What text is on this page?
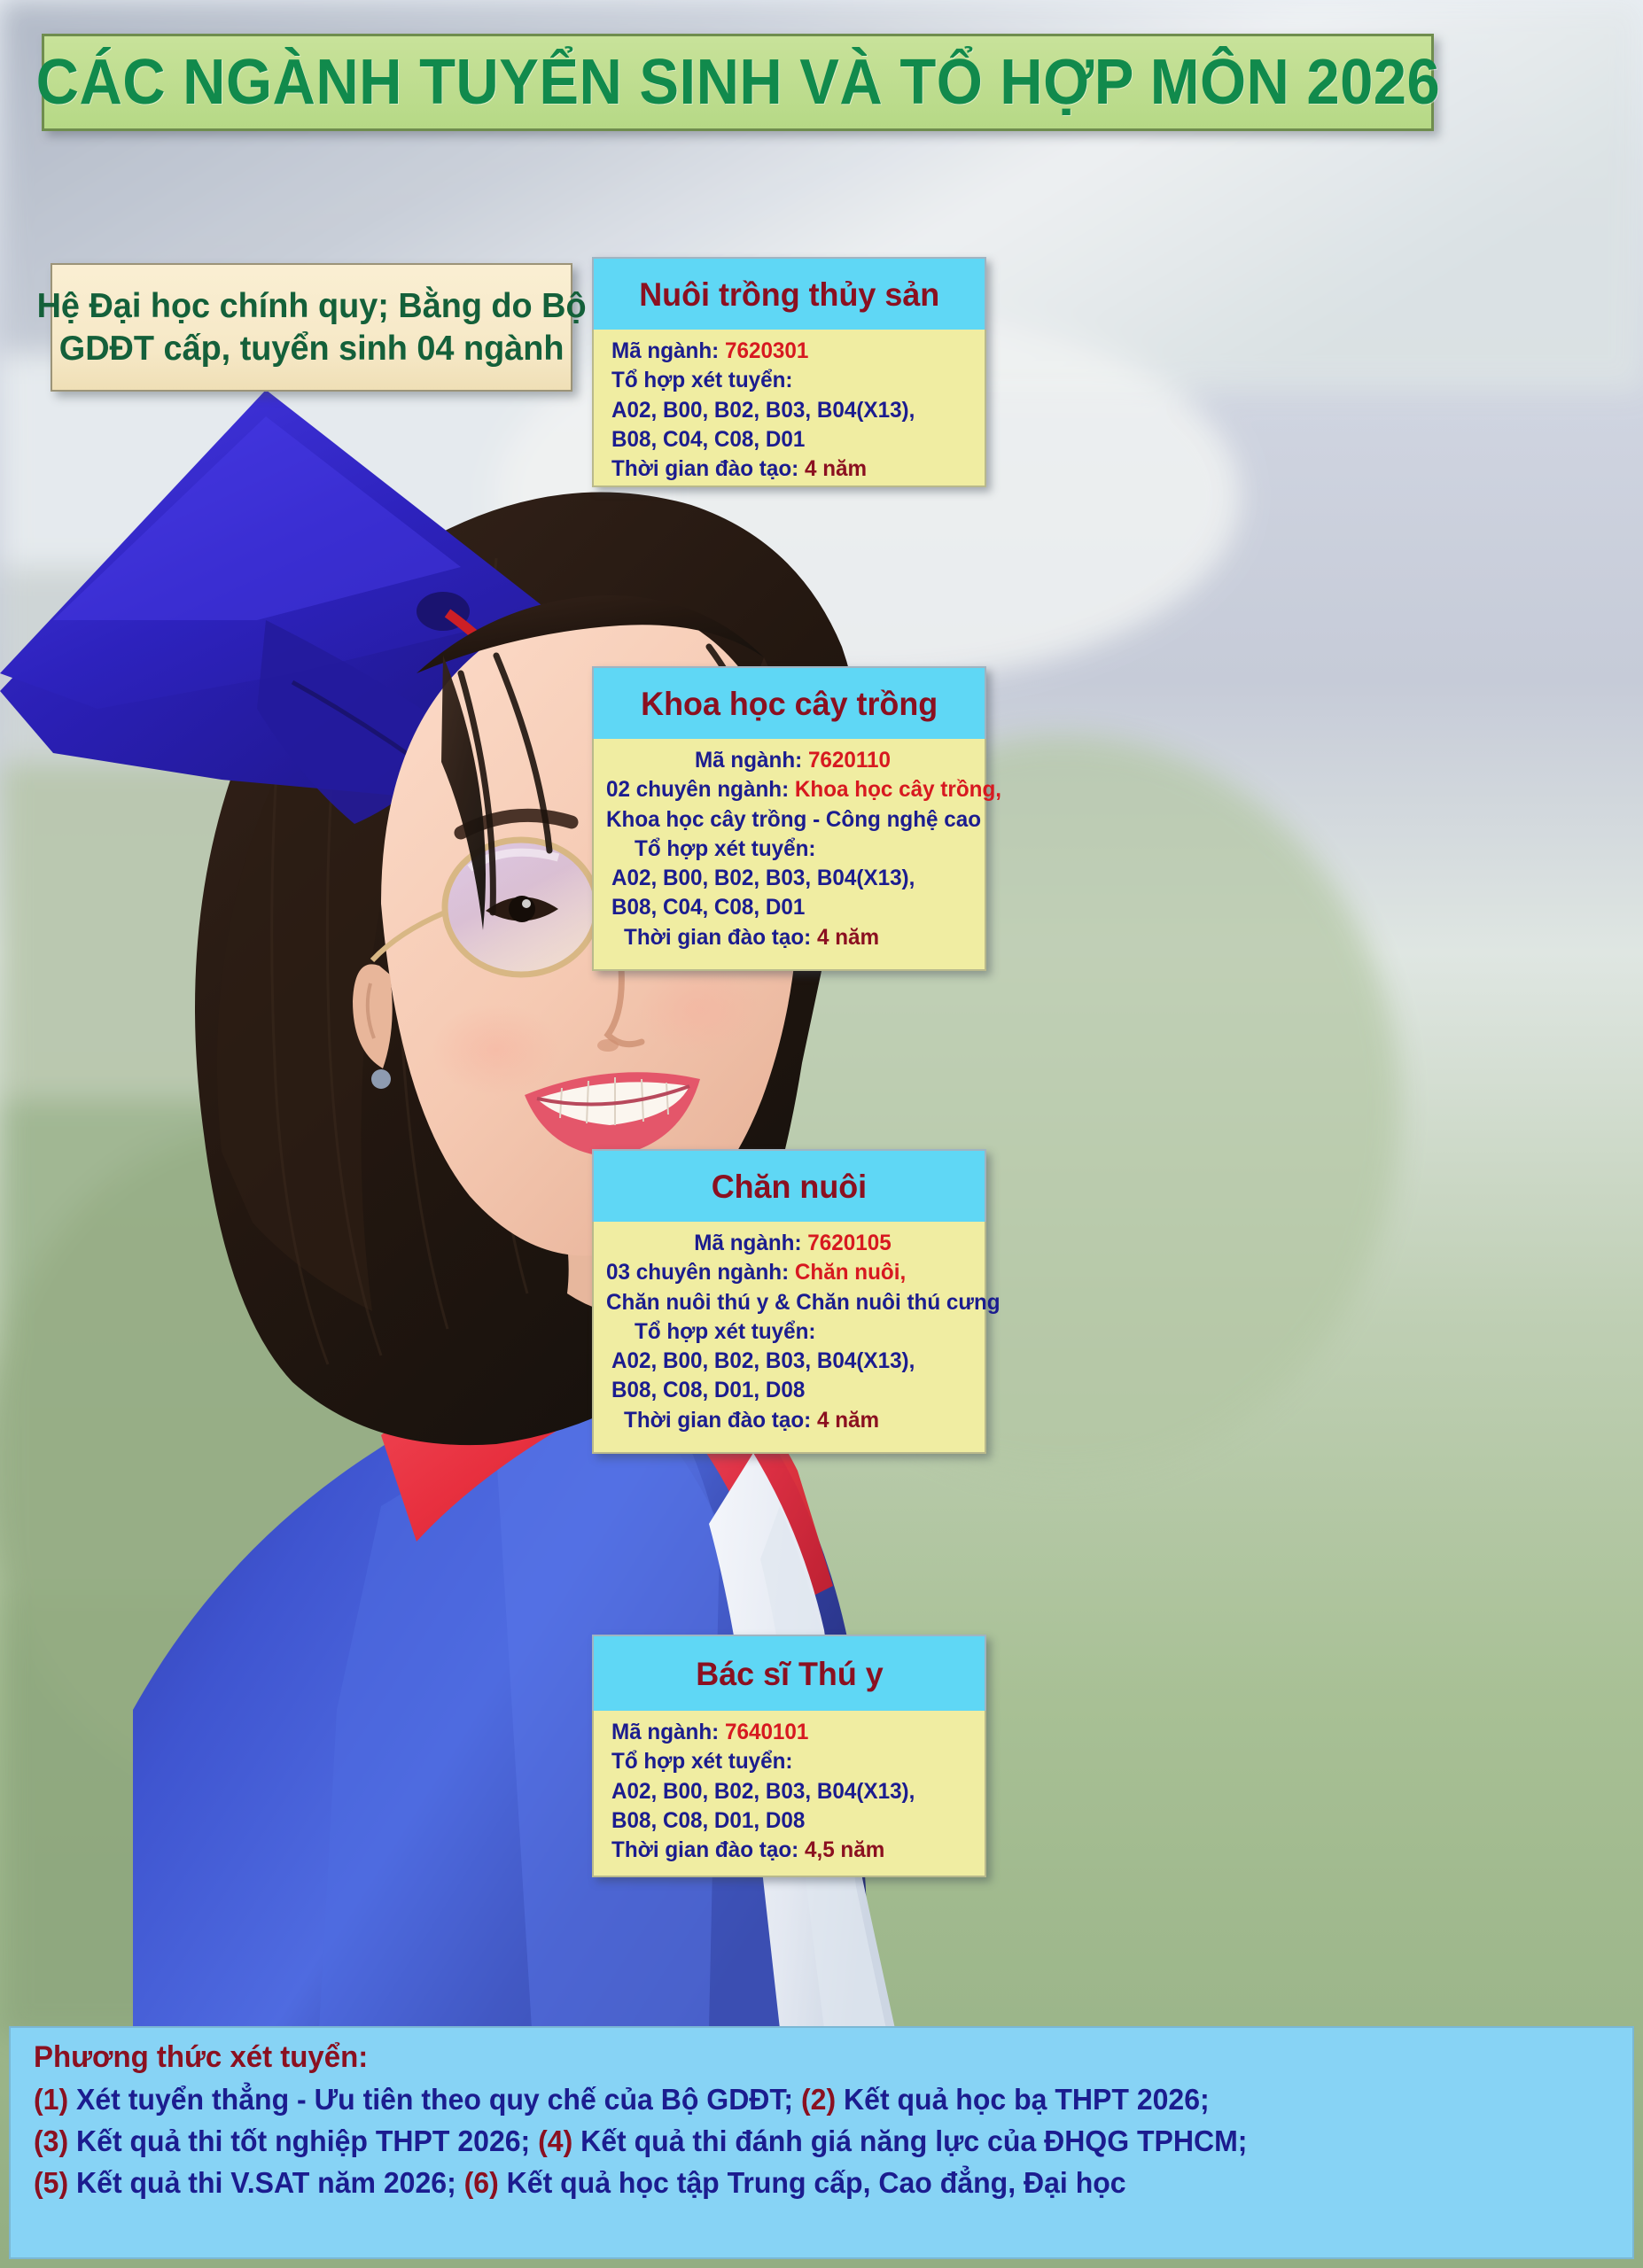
CÁC NGÀNH TUYỂN SINH VÀ TỔ HỢP MÔN 2026
Hệ Đại học chính quy; Bằng do Bộ
GDĐT cấp, tuyển sinh 04 ngành
Nuôi trồng thủy sản
Mã ngành: 7620301
Tổ hợp xét tuyển:
A02, B00, B02, B03, B04(X13),
B08, C04, C08, D01
Thời gian đào tạo: 4 năm
Khoa học cây trồng
Mã ngành: 7620110
02 chuyên ngành: Khoa học cây trồng,
Khoa học cây trồng - Công nghệ cao
Tổ hợp xét tuyển:
A02, B00, B02, B03, B04(X13),
B08, C04, C08, D01
Thời gian đào tạo: 4 năm
Chăn nuôi
Mã ngành: 7620105
03 chuyên ngành: Chăn nuôi,
Chăn nuôi thú y & Chăn nuôi thú cưng
Tổ hợp xét tuyển:
A02, B00, B02, B03, B04(X13),
B08, C08, D01, D08
Thời gian đào tạo: 4 năm
Bác sĩ Thú y
Mã ngành: 7640101
Tổ hợp xét tuyển:
A02, B00, B02, B03, B04(X13),
B08, C08, D01, D08
Thời gian đào tạo: 4,5 năm
Phương thức xét tuyển:
(1) Xét tuyển thẳng - Ưu tiên theo quy chế của Bộ GDĐT; (2) Kết quả học bạ THPT 2026;
(3) Kết quả thi tốt nghiệp THPT 2026; (4) Kết quả thi đánh giá năng lực của ĐHQG TPHCM;
(5) Kết quả thi V.SAT năm 2026; (6) Kết quả học tập Trung cấp, Cao đẳng, Đại học
